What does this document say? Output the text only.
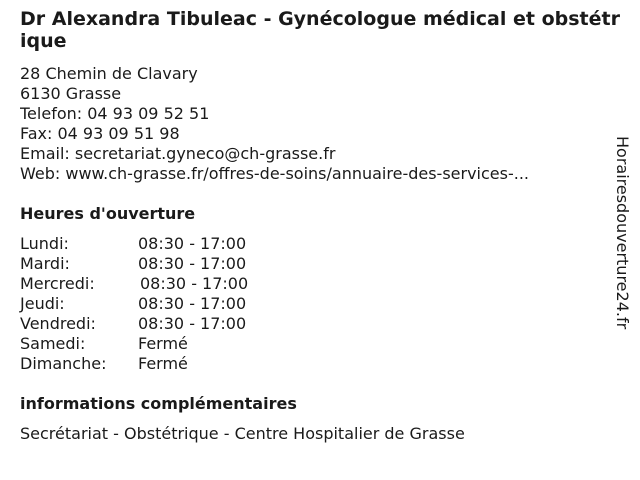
Dr Alexandra Tibuleac - Gynécologue médical et obstétrique
28 Chemin de Clavary
6130 Grasse
Telefon: 04 93 09 52 51
Fax: 04 93 09 51 98
Email: secretariat.gyneco@ch-grasse.fr
Web: www.ch-grasse.fr/offres-de-soins/annuaire-des-services-...
Heures d'ouverture
Lundi:	08:30 - 17:00
Mardi:	08:30 - 17:00
Mercredi:	08:30 - 17:00
Jeudi:	08:30 - 17:00
Vendredi:	08:30 - 17:00
Samedi:	Fermé
Dimanche: Fermé
informations complémentaires
Secrétariat - Obstétrique - Centre Hospitalier de Grasse
Horairesdouverture24.fr
